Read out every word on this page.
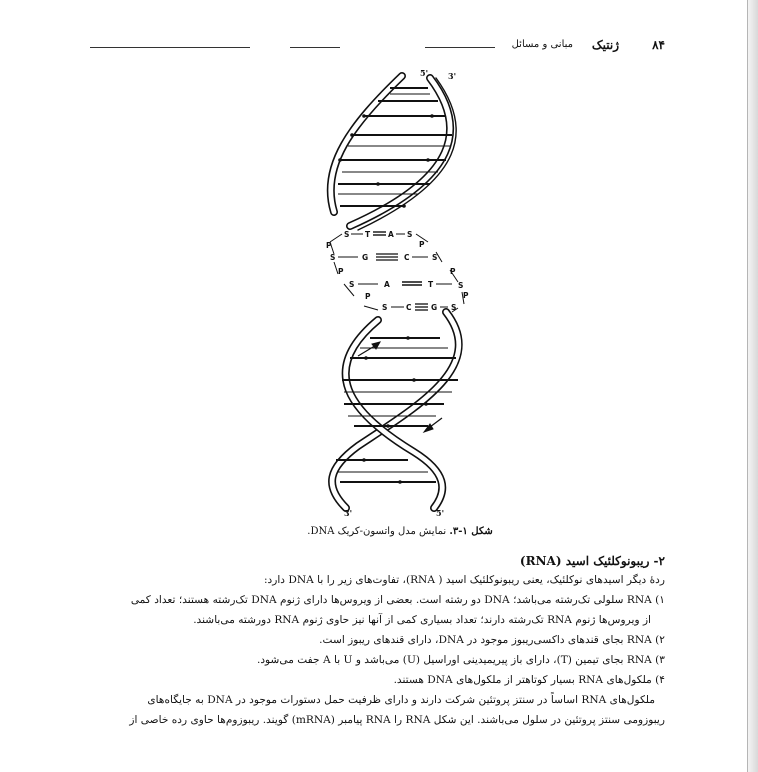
۸۴
ژنتیک
مبانی و مسائل
S T A S
P	P
S	G	C	S
P	P
S	A	T	S
P	P
S C	G S
5' 3'
3'	5'
شکل ۱-۳. نمایش مدل واتسون-کریک DNA.
۲- ریبونوکلئیک اسید (RNA)
ردهٔ دیگر اسیدهای نوکلئیک، یعنی ریبونوکلئیک اسید ( RNA)، تفاوت‌های زیر را با DNA دارد:
۱) RNA سلولی تک‌رشته می‌باشد؛ DNA دو رشته است. بعضی از ویروس‌ها دارای ژنوم DNA تک‌رشته هستند؛ تعداد کمی
از ویروس‌ها ژنوم RNA تک‌رشته دارند؛ تعداد بسیاری کمی از آنها نیز حاوی ژنوم RNA دورشته می‌باشند.
۲) RNA بجای قندهای داکسی‌ریبوز موجود در DNA، دارای قندهای ریبوز است.
۳) RNA بجای تیمین (T)، دارای باز پیریمیدینی اوراسیل (U) می‌باشد و U با A جفت می‌شود.
۴) ملکول‌های RNA بسیار کوتاهتر از ملکول‌های DNA هستند.
ملکول‌های RNA اساساً در سنتز پروتئین شرکت دارند و دارای ظرفیت حمل دستورات موجود در DNA به جایگاه‌های
ریبوزومی سنتز پروتئین در سلول می‌باشند. این شکل RNA را RNA پیامبر (mRNA) گویند. ریبوزوم‌ها حاوی رده خاصی از
